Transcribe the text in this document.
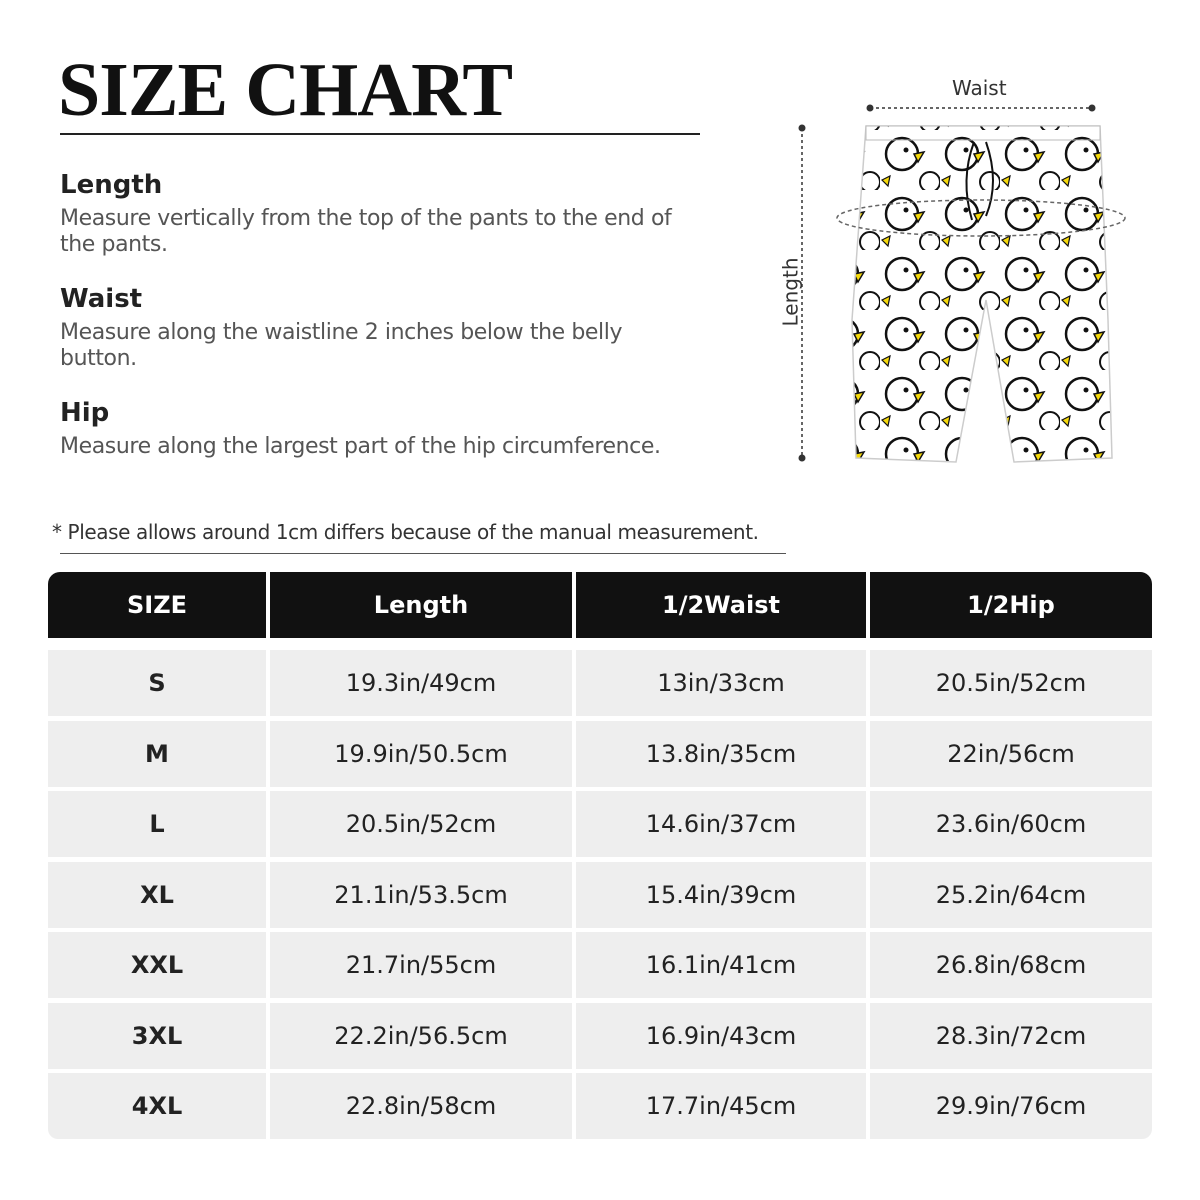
SIZE CHART
Length

Measure vertically from the top of the pants to the end of the pants.

Waist

Measure along the waistline 2 inches below the belly button.

Hip

Measure along the largest part of the hip circumference.

Waist
Length
* Please allows around 1cm differs because of the manual measurement.
SIZE	Length	1/2Waist	1/2Hip
S	19.3in/49cm	13in/33cm	20.5in/52cm
M	19.9in/50.5cm	13.8in/35cm	22in/56cm
L	20.5in/52cm	14.6in/37cm	23.6in/60cm
XL	21.1in/53.5cm	15.4in/39cm	25.2in/64cm
XXL	21.7in/55cm	16.1in/41cm	26.8in/68cm
3XL	22.2in/56.5cm	16.9in/43cm	28.3in/72cm
4XL	22.8in/58cm	17.7in/45cm	29.9in/76cm
